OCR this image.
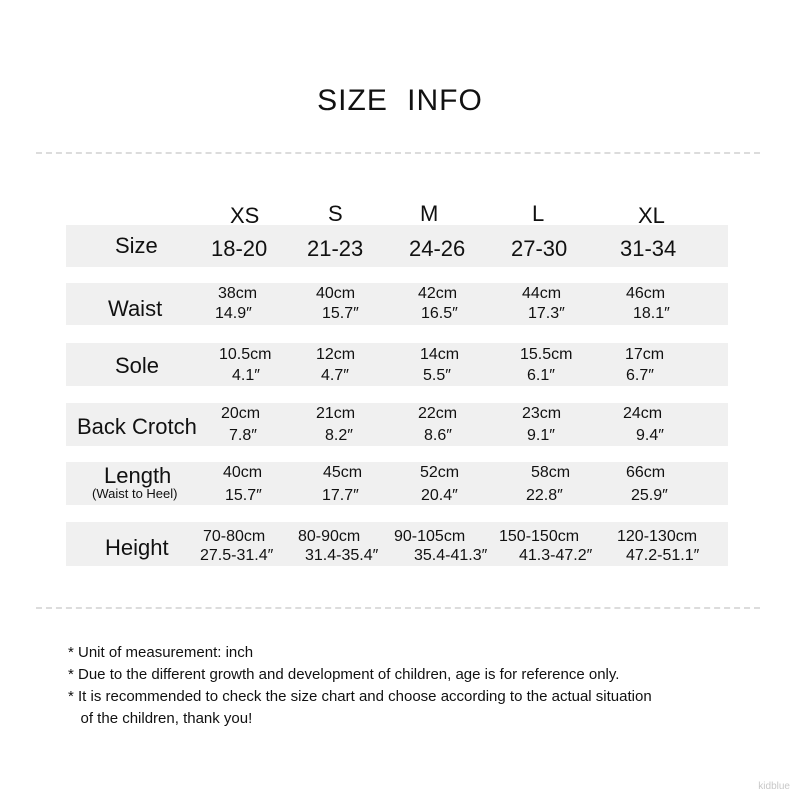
SIZE INFO
XS	S	M	L	XL
Size 18-20 21-23 24-26 27-30 31-34
Waist
38cm	40cm	42cm	44cm	46cm
14.9″	15.7″	16.5″	17.3″	18.1″
Sole	10.5cm	12cm	14cm	15.5cm	17cm
4.1″	4.7″	5.5″	6.1″	6.7″
Back Crotch
20cm	21cm	22cm	23cm	24cm
7.8″	8.2″	8.6″	9.1″	9.4″
Length
(Waist to Heel)
40cm	45cm	52cm	58cm	66cm
15.7″	17.7″	20.4″	22.8″	25.9″
Height 70-80cm 80-90cm 90-105cm 150-150cm 120-130cm
27.5-31.4″ 31.4-35.4″ 35.4-41.3″ 41.3-47.2″ 47.2-51.1″
* Unit of measurement: inch
* Due to the different growth and development of children, age is for reference only.
* It is recommended to check the size chart and choose according to the actual situation
of the children, thank you!
kidblue
